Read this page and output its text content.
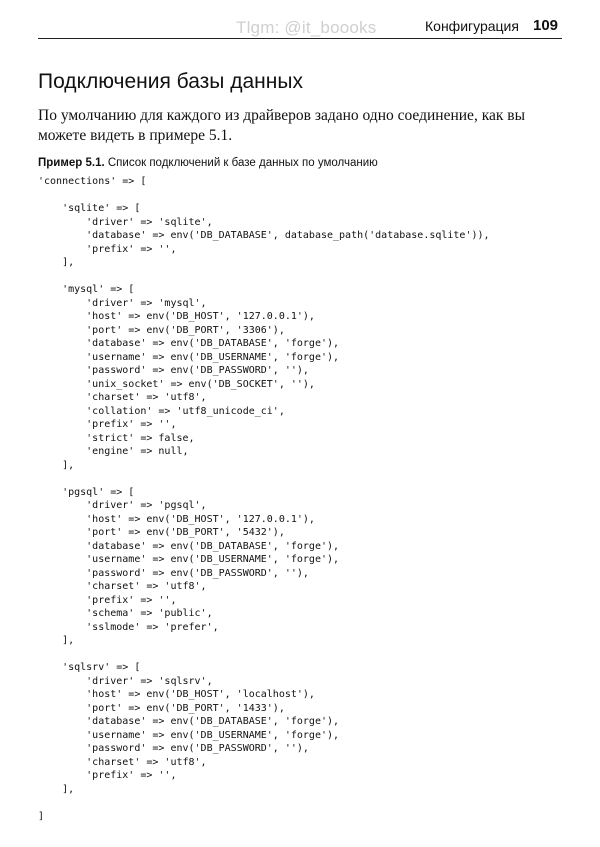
Tlgm: @it_boooks	Конфигурация 109
Подключения базы данных

По умолчанию для каждого из драйверов задано одно соединение, как вы можете видеть в примере 5.1.

Пример 5.1. Список подключений к базе данных по умолчанию
'connections' => [
'sqlite' => [
'driver' => 'sqlite',
'database' => env('DB_DATABASE', database_path('database.sqlite')),
'prefix' => '',
],
'mysql' => [
'driver' => 'mysql',
'host' => env('DB_HOST', '127.0.0.1'),
'port' => env('DB_PORT', '3306'),
'database' => env('DB_DATABASE', 'forge'),
'username' => env('DB_USERNAME', 'forge'),
'password' => env('DB_PASSWORD', ''),
'unix_socket' => env('DB_SOCKET', ''),
'charset' => 'utf8',
'collation' => 'utf8_unicode_ci',
'prefix' => '',
'strict' => false,
'engine' => null,
],
'pgsql' => [
'driver' => 'pgsql',
'host' => env('DB_HOST', '127.0.0.1'),
'port' => env('DB_PORT', '5432'),
'database' => env('DB_DATABASE', 'forge'),
'username' => env('DB_USERNAME', 'forge'),
'password' => env('DB_PASSWORD', ''),
'charset' => 'utf8',
'prefix' => '',
'schema' => 'public',
'sslmode' => 'prefer',
],
'sqlsrv' => [
'driver' => 'sqlsrv',
'host' => env('DB_HOST', 'localhost'),
'port' => env('DB_PORT', '1433'),
'database' => env('DB_DATABASE', 'forge'),
'username' => env('DB_USERNAME', 'forge'),
'password' => env('DB_PASSWORD', ''),
'charset' => 'utf8',
'prefix' => '',
],
]
